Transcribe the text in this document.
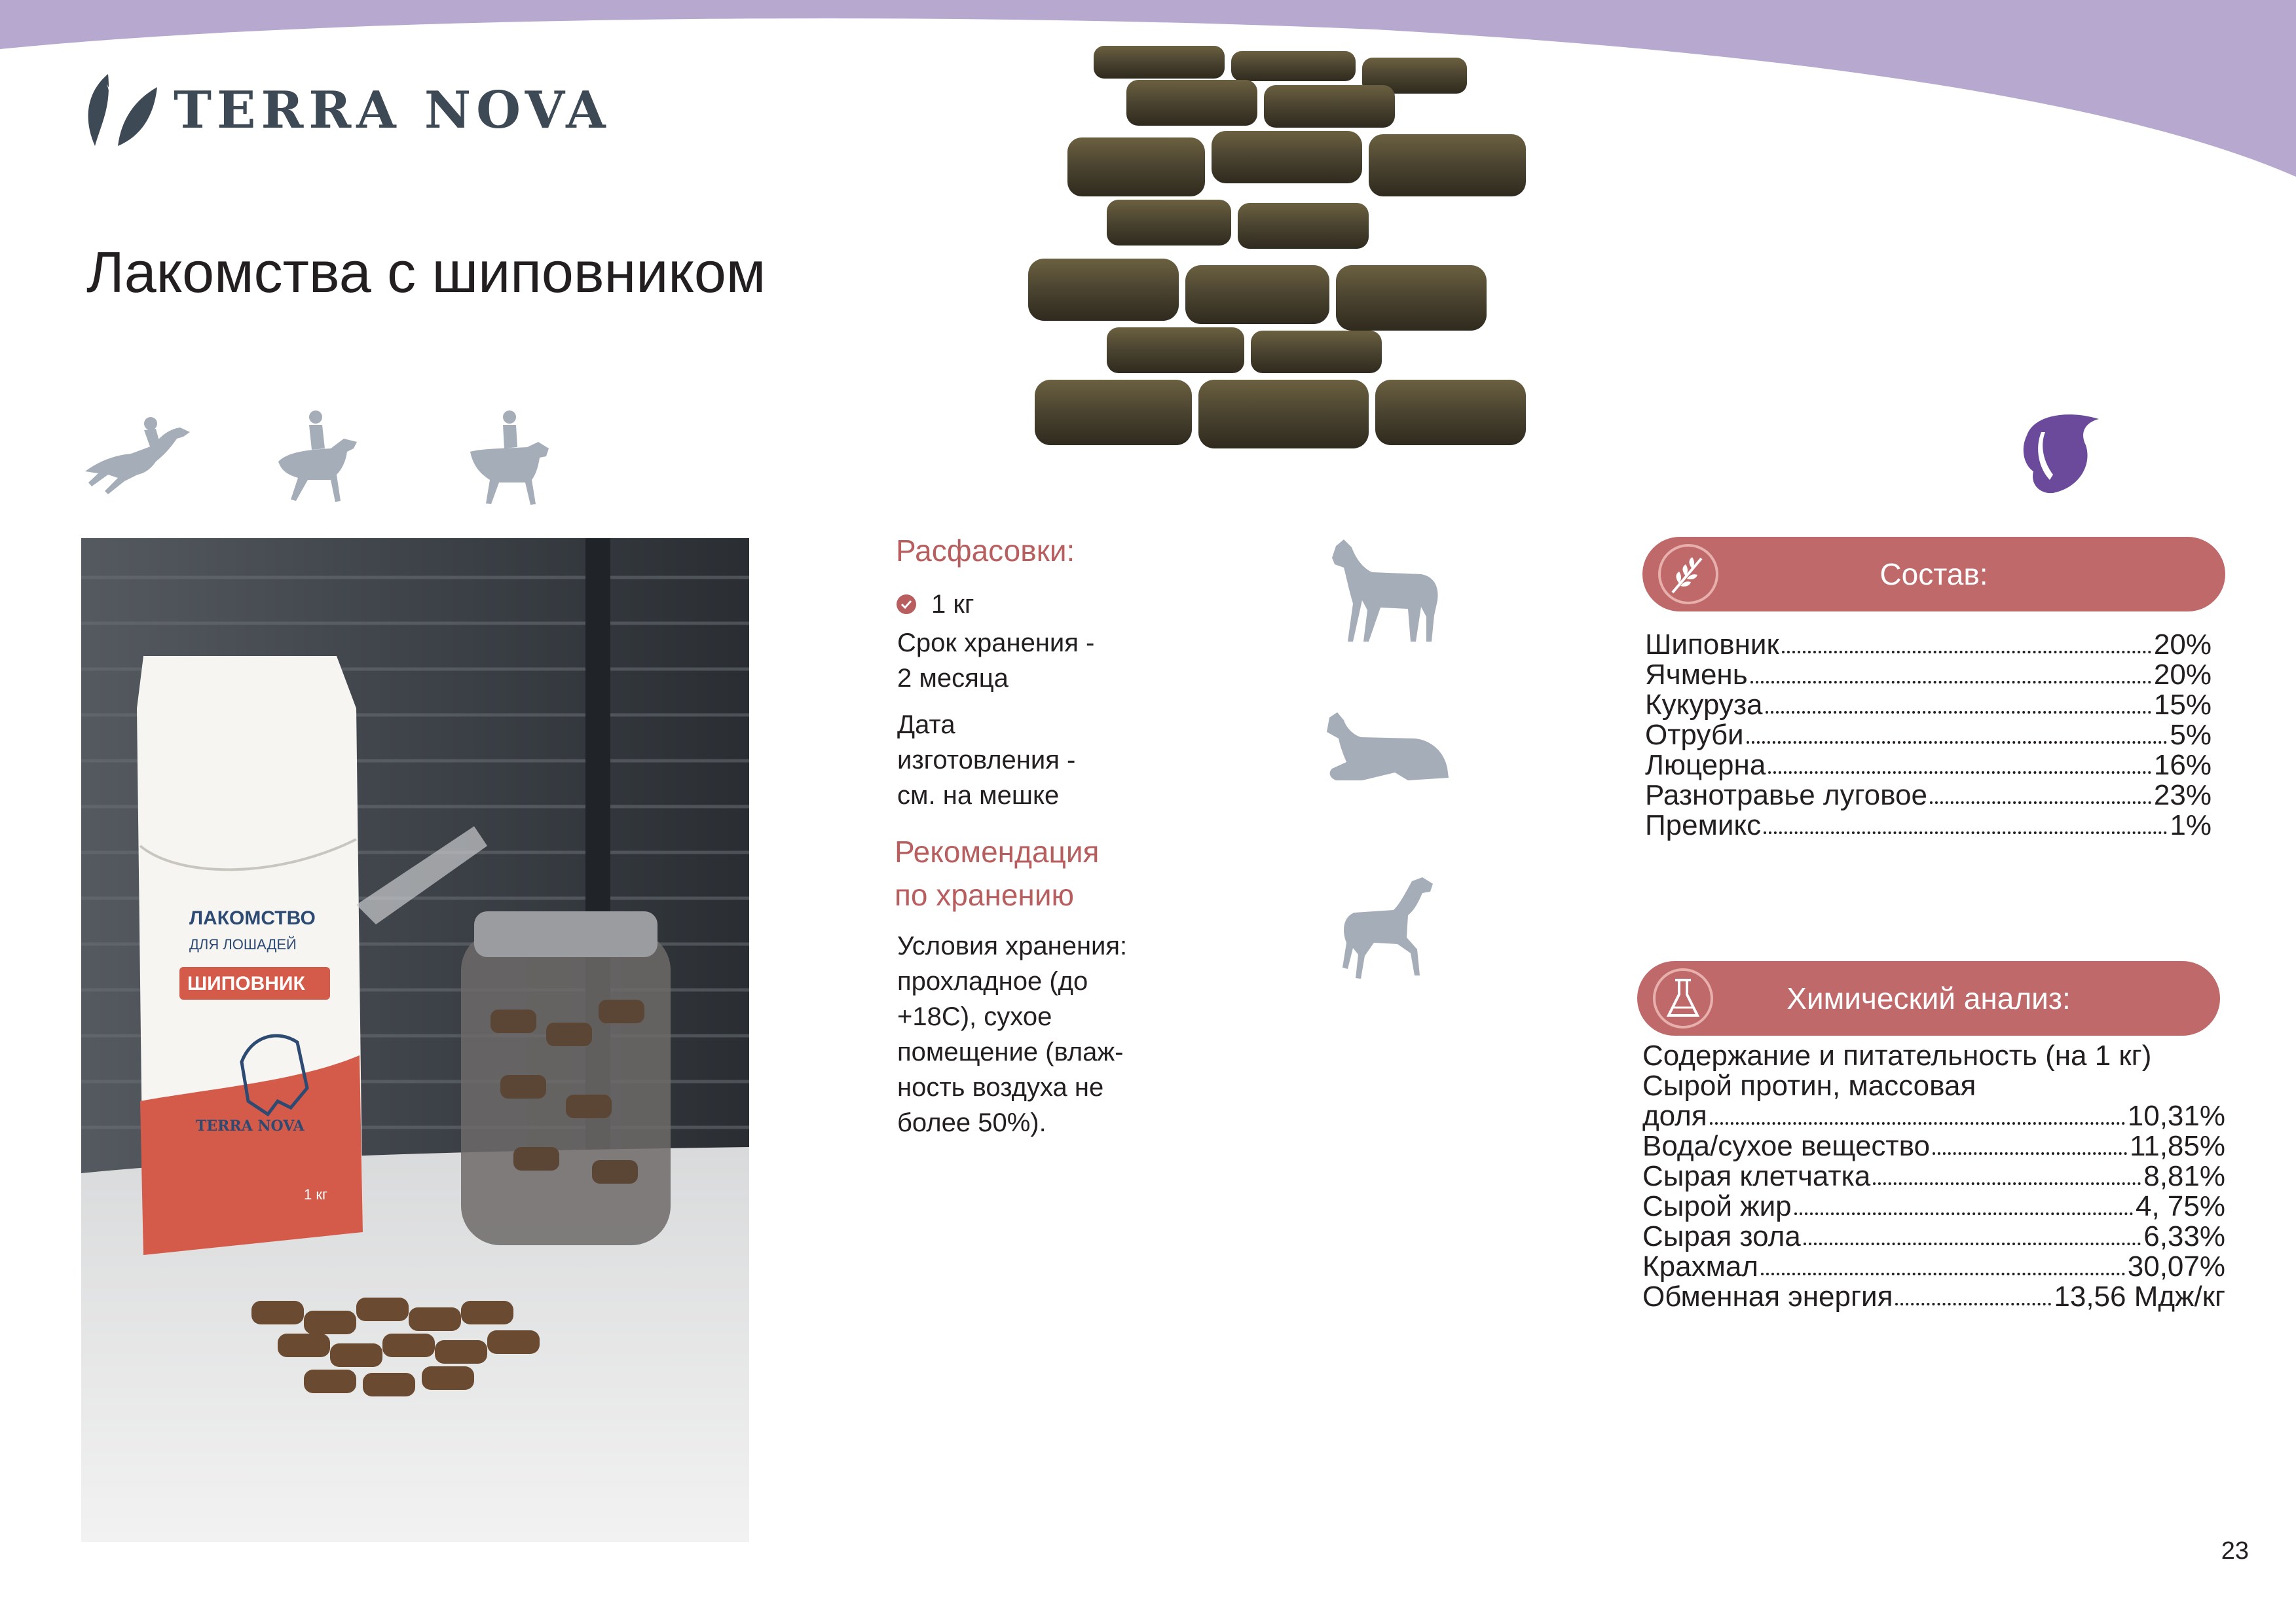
TERRA NOVA
Лакомства с шиповником
ЛАКОМСТВО
ДЛЯ ЛОШАДЕЙ
ШИПОВНИК
TERRA NOVA
1 кг
Расфасовки:
1 кг
Срок хранения -
2 месяца
Дата
изготовления -
см. на мешке
Рекомендация
по хранению
Условия хранения:
прохладное (до
+18С), сухое
помещение (влаж-
ность воздуха не
более 50%).
Состав:
Шиповник	20%
Ячмень	20%
Кукуруза	15%
Отруби	5%
Люцерна	16%
Разнотравье луговое	23%
Премикс	1%
Химический анализ:
Содержание и питательность (на 1 кг)
Сырой протин, массовая
доля	10,31%
Вода/сухое вещество	11,85%
Сырая клетчатка	8,81%
Сырой жир	4, 75%
Сырая зола	6,33%
Крахмал	30,07%
Обменная энергия	13,56 Мдж/кг
23
